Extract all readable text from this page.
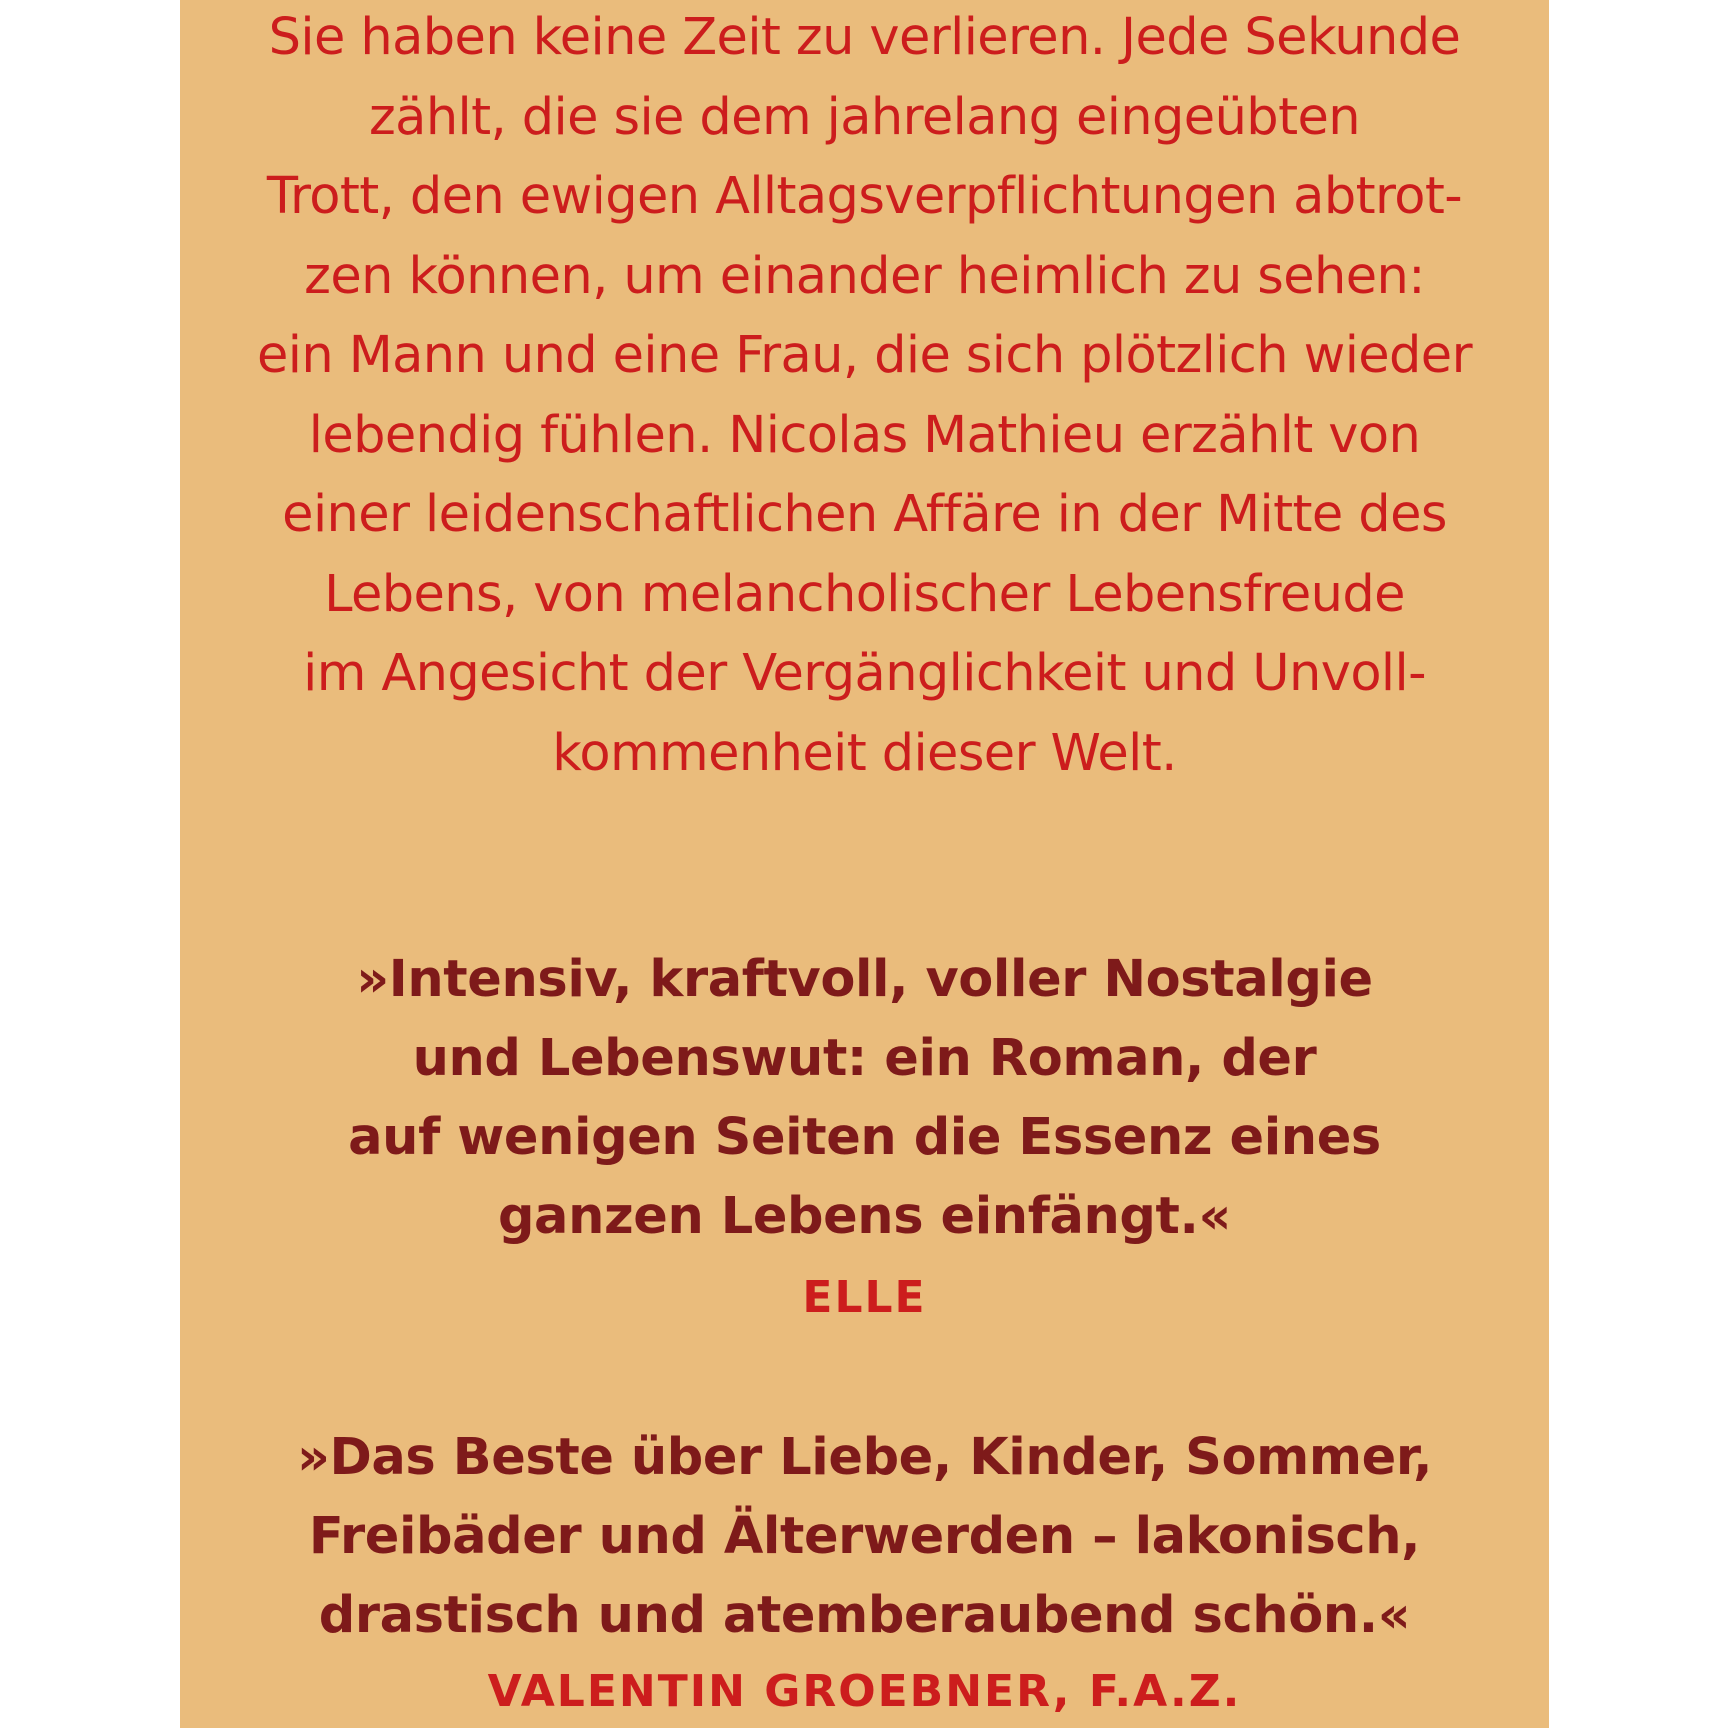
Sie haben keine Zeit zu verlieren. Jede Sekunde
zählt, die sie dem jahrelang eingeübten
Trott, den ewigen Alltagsverpflichtungen abtrot-
zen können, um einander heimlich zu sehen:
ein Mann und eine Frau, die sich plötzlich wieder
lebendig fühlen. Nicolas Mathieu erzählt von
einer leidenschaftlichen Affäre in der Mitte des
Lebens, von melancholischer Lebensfreude
im Angesicht der Vergänglichkeit und Unvoll-
kommenheit dieser Welt.
»Intensiv, kraftvoll, voller Nostalgie
und Lebenswut: ein Roman, der
auf wenigen Seiten die Essenz eines
ganzen Lebens einfängt.«
ELLE
»Das Beste über Liebe, Kinder, Sommer,
Freibäder und Älterwerden – lakonisch,
drastisch und atemberaubend schön.«
VALENTIN GROEBNER, F.A.Z.
